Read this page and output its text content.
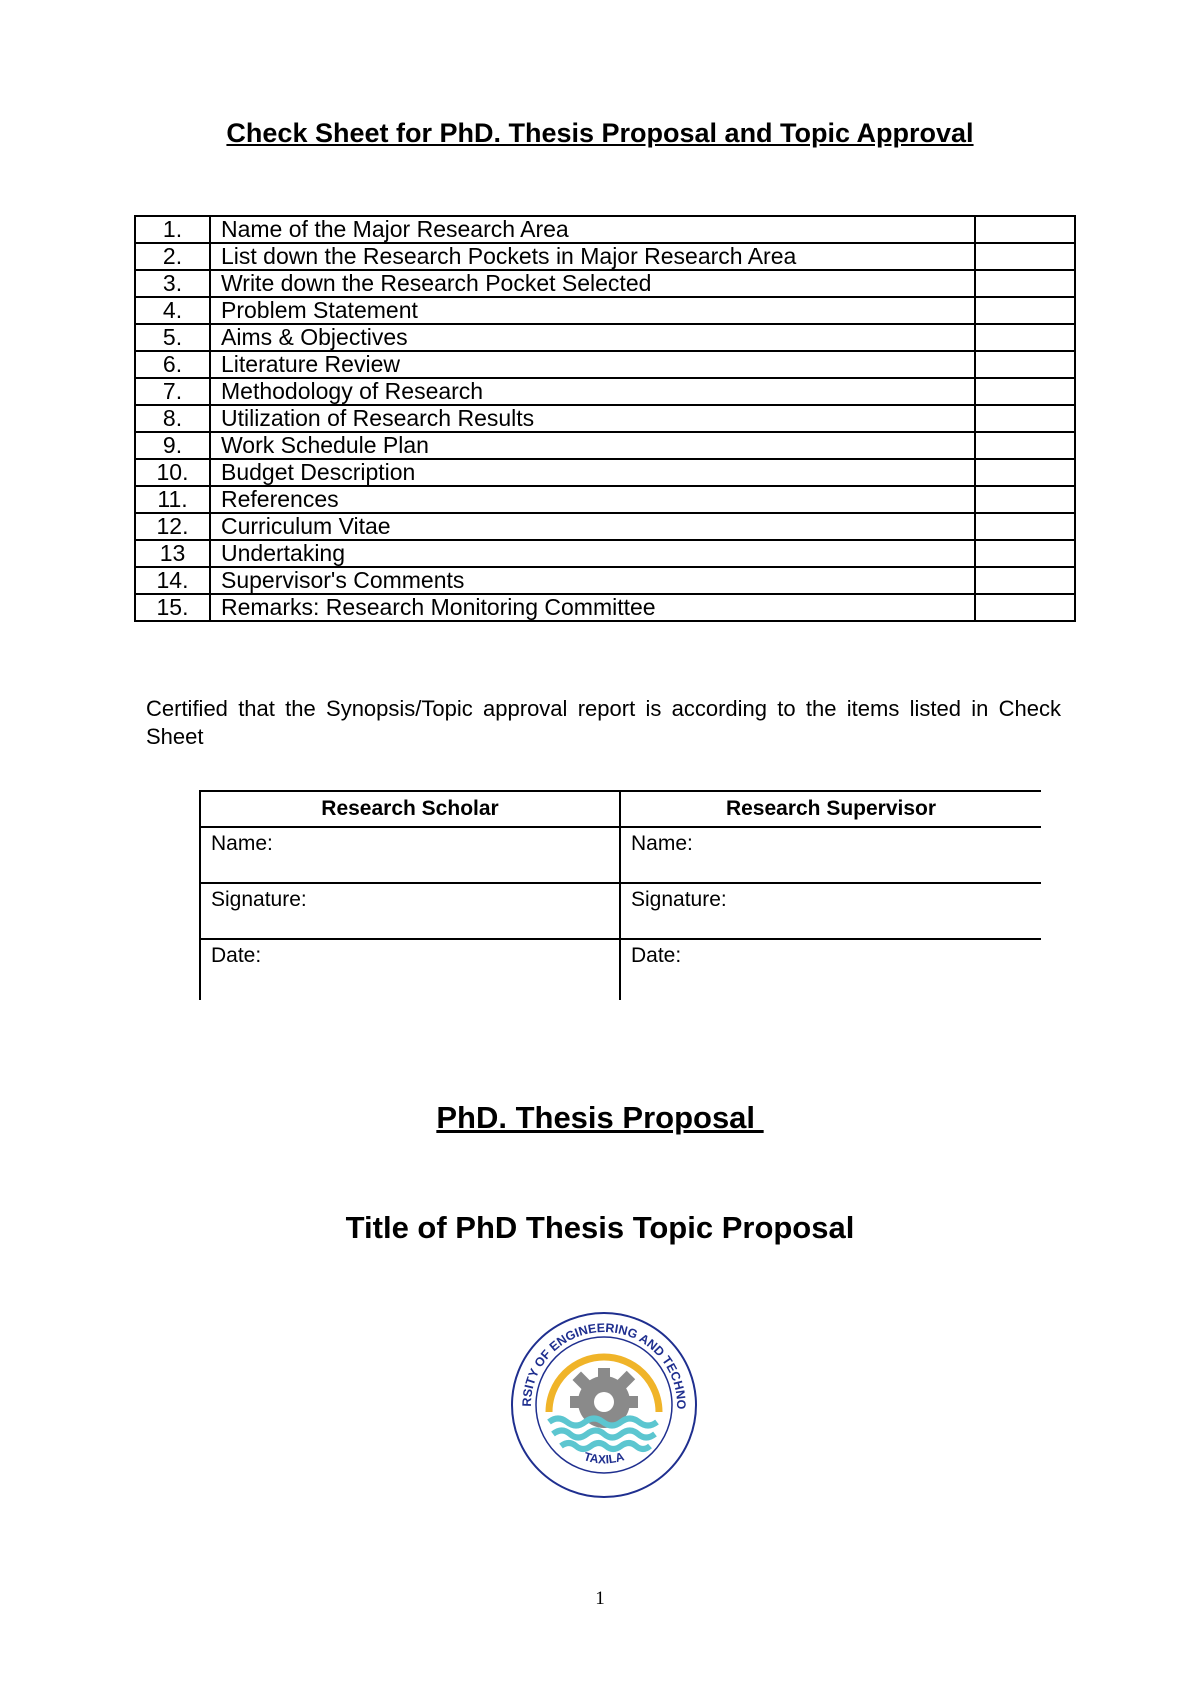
Check Sheet for PhD. Thesis Proposal and Topic Approval
1.	Name of the Major Research Area	
2.	List down the Research Pockets in Major Research Area	
3.	Write down the Research Pocket Selected	
4.	Problem Statement	
5.	Aims & Objectives	
6.	Literature Review	
7.	Methodology of Research	
8.	Utilization of Research Results	
9.	Work Schedule Plan	
10.	Budget Description	
11.	References	
12.	Curriculum Vitae	
13	Undertaking	
14.	Supervisor's Comments	
15.	Remarks: Research Monitoring Committee	
Certified that the Synopsis/Topic approval report is according to the items listed in Check Sheet
Research Scholar	Research Supervisor
Name:	Name:
Signature:	Signature:
Date:	Date:
PhD. Thesis Proposal
Title of PhD Thesis Topic Proposal
RSITY OF ENGINEERING AND TECHNO
TAXILA
1
